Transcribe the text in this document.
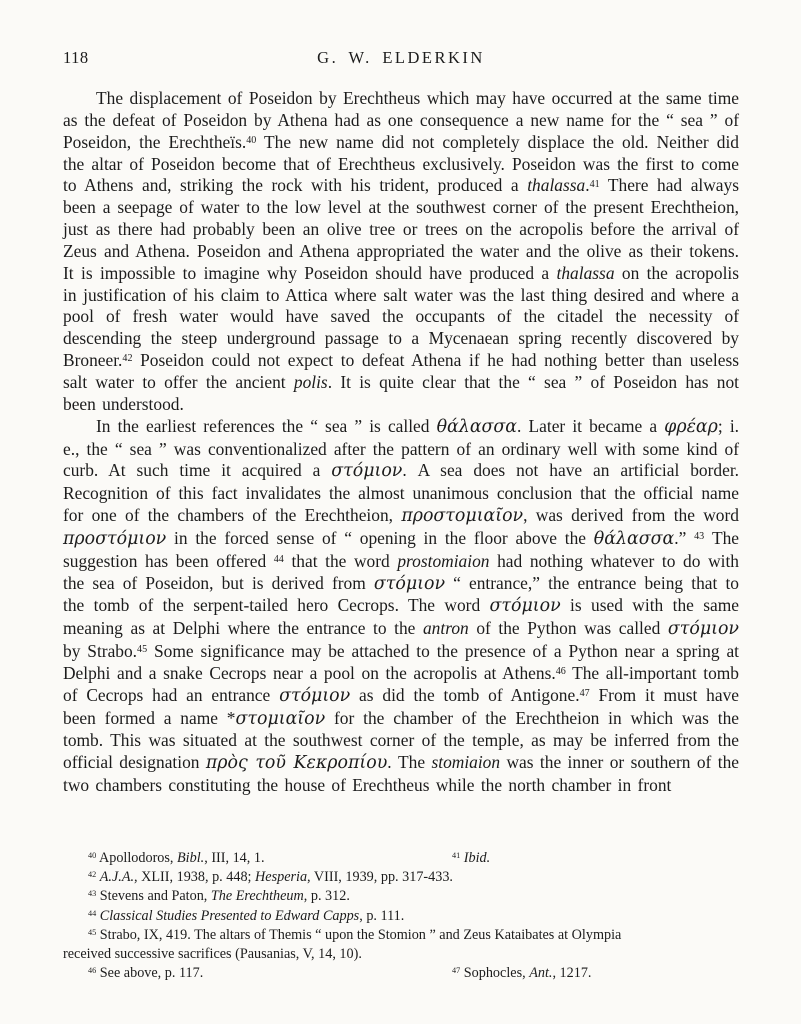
118	G. W. ELDERKIN

The displacement of Poseidon by Erechtheus which may have occurred at the same time as the defeat of Poseidon by Athena had as one consequence a new name for the “ sea ” of Poseidon, the Erechtheïs.$^{40}$ The new name did not completely displace the old. Neither did the altar of Poseidon become that of Erechtheus exclusively. Poseidon was the first to come to Athens and, striking the rock with his trident, produced a thalassa.$^{41}$ There had always been a seepage of water to the low level at the southwest corner of the present Erechtheion, just as there had probably been an olive tree or trees on the acropolis before the arrival of Zeus and Athena. Poseidon and Athena appropriated the water and the olive as their tokens. It is impossible to imagine why Poseidon should have produced a thalassa on the acropolis in justification of his claim to Attica where salt water was the last thing desired and where a pool of fresh water would have saved the occupants of the citadel the necessity of descending the steep underground passage to a Mycenaean spring recently discovered by Broneer.$^{42}$ Poseidon could not expect to defeat Athena if he had nothing better than useless salt water to offer the ancient polis. It is quite clear that the “ sea ” of Poseidon has not been understood.

In the earliest references the “ sea ” is called θάλασσα. Later it became a φρέαρ; i. e., the “ sea ” was conventionalized after the pattern of an ordinary well with some kind of curb. At such time it acquired a στόμιον. A sea does not have an artificial border. Recognition of this fact invalidates the almost unanimous conclusion that the official name for one of the chambers of the Erechtheion, προστομιαῖον, was derived from the word προστόμιον in the forced sense of “ opening in the floor above the θάλασσα.” $^{43}$ The suggestion has been offered $^{44}$ that the word prostomiaion had nothing whatever to do with the sea of Poseidon, but is derived from στόμιον “ entrance,” the entrance being that to the tomb of the serpent-tailed hero Cecrops. The word στόμιον is used with the same meaning as at Delphi where the entrance to the antron of the Python was called στόμιον by Strabo.$^{45}$ Some significance may be attached to the presence of a Python near a spring at Delphi and a snake Cecrops near a pool on the acropolis at Athens.$^{46}$ The all-important tomb of Cecrops had an entrance στόμιον as did the tomb of Antigone.$^{47}$ From it must have been formed a name *στομιαῖον for the chamber of the Erechtheion in which was the tomb. This was situated at the southwest corner of the temple, as may be inferred from the official designation πρὸς τοῦ Κεκροπίου. The stomiaion was the inner or southern of the two chambers constituting the house of Erechtheus while the north chamber in front

$^{40}$ Apollodoros, Bibl., III, 14, 1.	$^{41}$ Ibid.
$^{42}$ A.J.A., XLII, 1938, p. 448; Hesperia, VIII, 1939, pp. 317-433.
$^{43}$ Stevens and Paton, The Erechtheum, p. 312.
$^{44}$ Classical Studies Presented to Edward Capps, p. 111.
$^{45}$ Strabo, IX, 419. The altars of Themis “ upon the Stomion ” and Zeus Kataibates at Olympia
received successive sacrifices (Pausanias, V, 14, 10).
$^{46}$ See above, p. 117.	$^{47}$ Sophocles, Ant., 1217.
